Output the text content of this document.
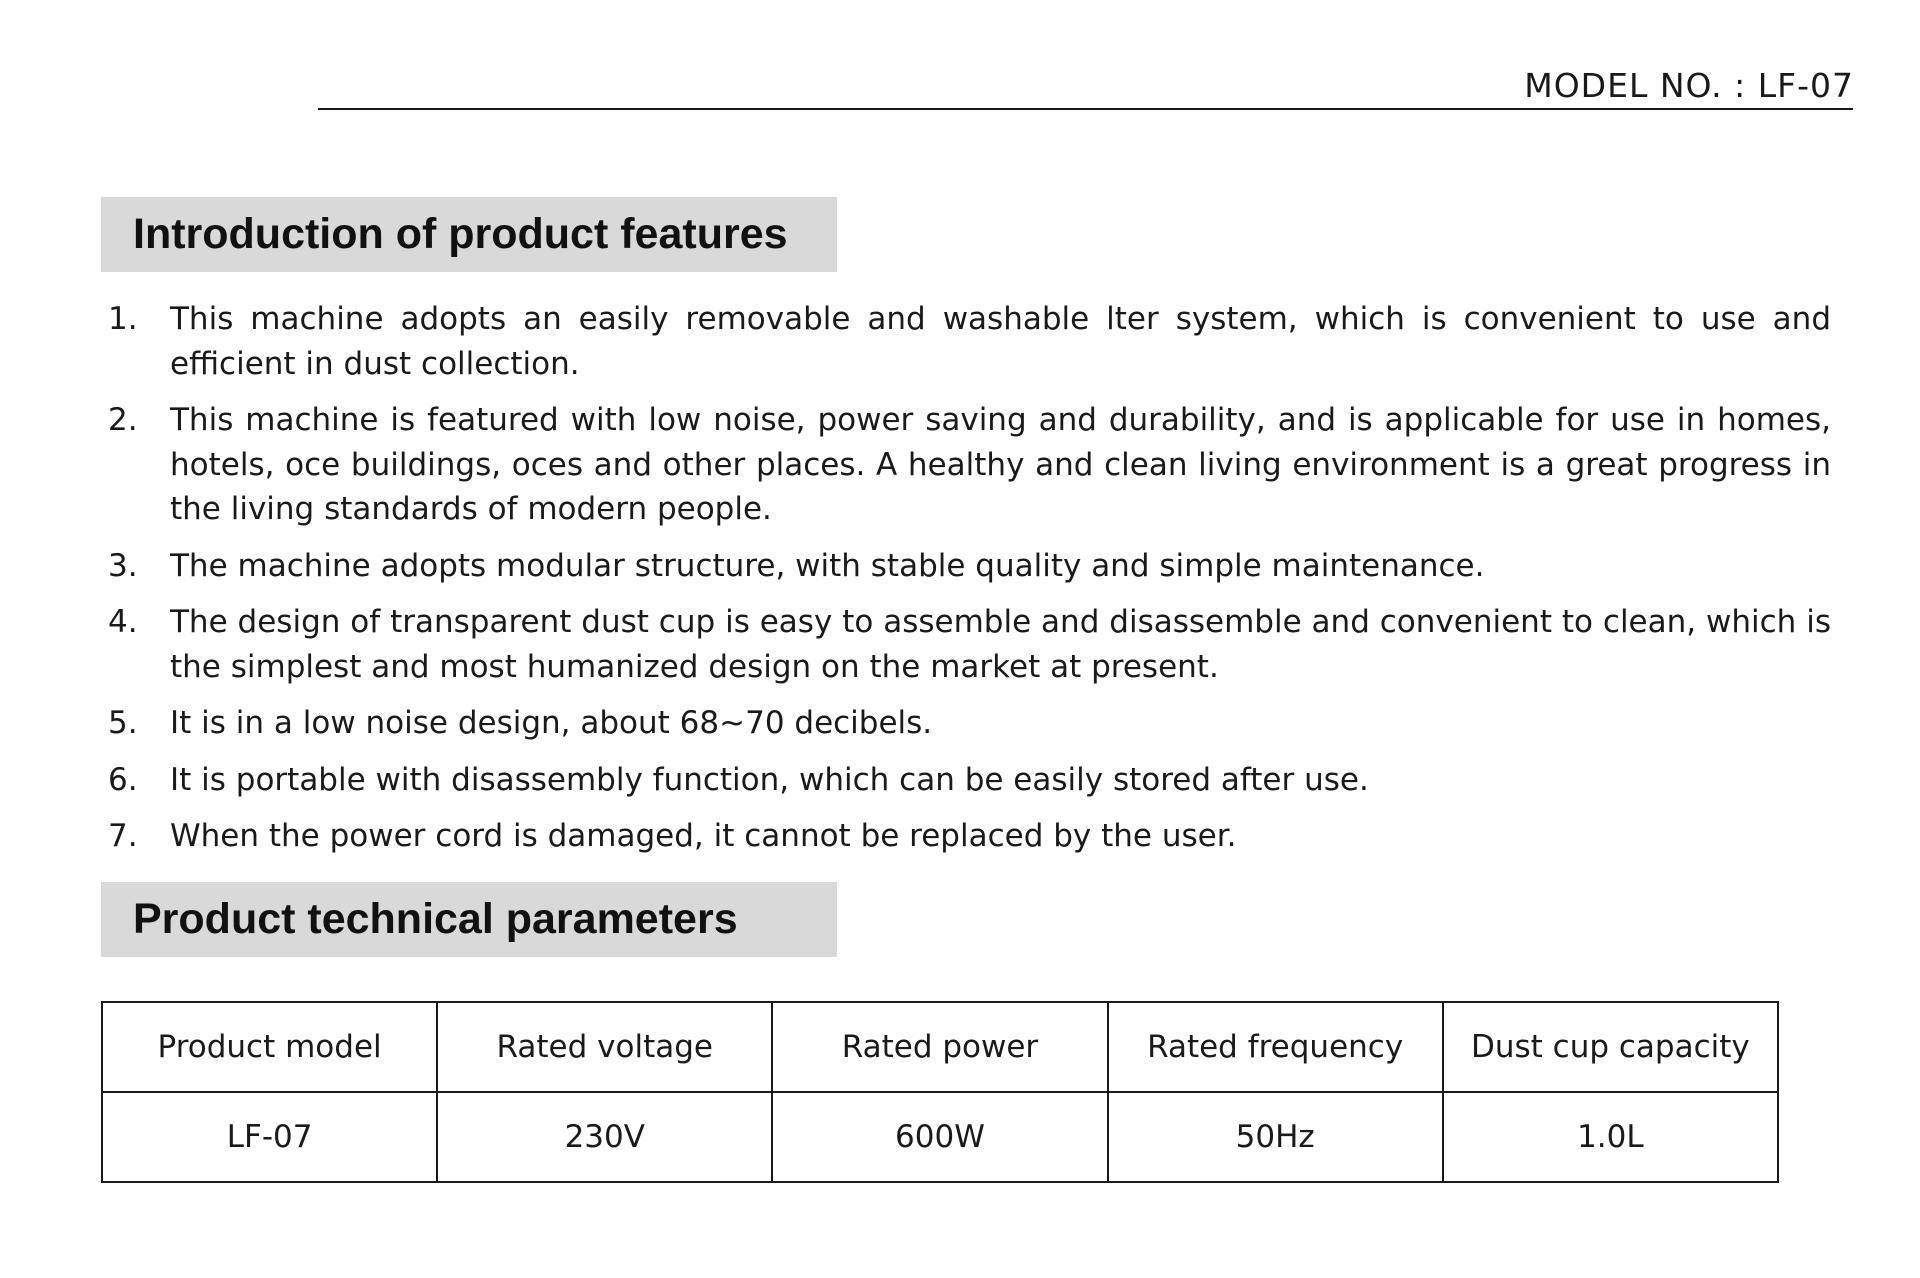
MODEL NO. : LF-07
Introduction of product features
1.	This machine adopts an easily removable and washable lter system, which is convenient to use and efficient in dust collection.
2.	This machine is featured with low noise, power saving and durability, and is applicable for use in homes, hotels, oce buildings, oces and other places. A healthy and clean living environment is a great progress in the living standards of modern people.
3.	The machine adopts modular structure, with stable quality and simple maintenance.
4.	The design of transparent dust cup is easy to assemble and disassemble and convenient to clean, which is the simplest and most humanized design on the market at present.
5.	It is in a low noise design, about 68~70 decibels.
6.	It is portable with disassembly function, which can be easily stored after use.
7.	When the power cord is damaged, it cannot be replaced by the user.
Product technical parameters
Product model	Rated voltage	Rated power	Rated frequency	Dust cup capacity
LF-07	230V	600W	50Hz	1.0L
